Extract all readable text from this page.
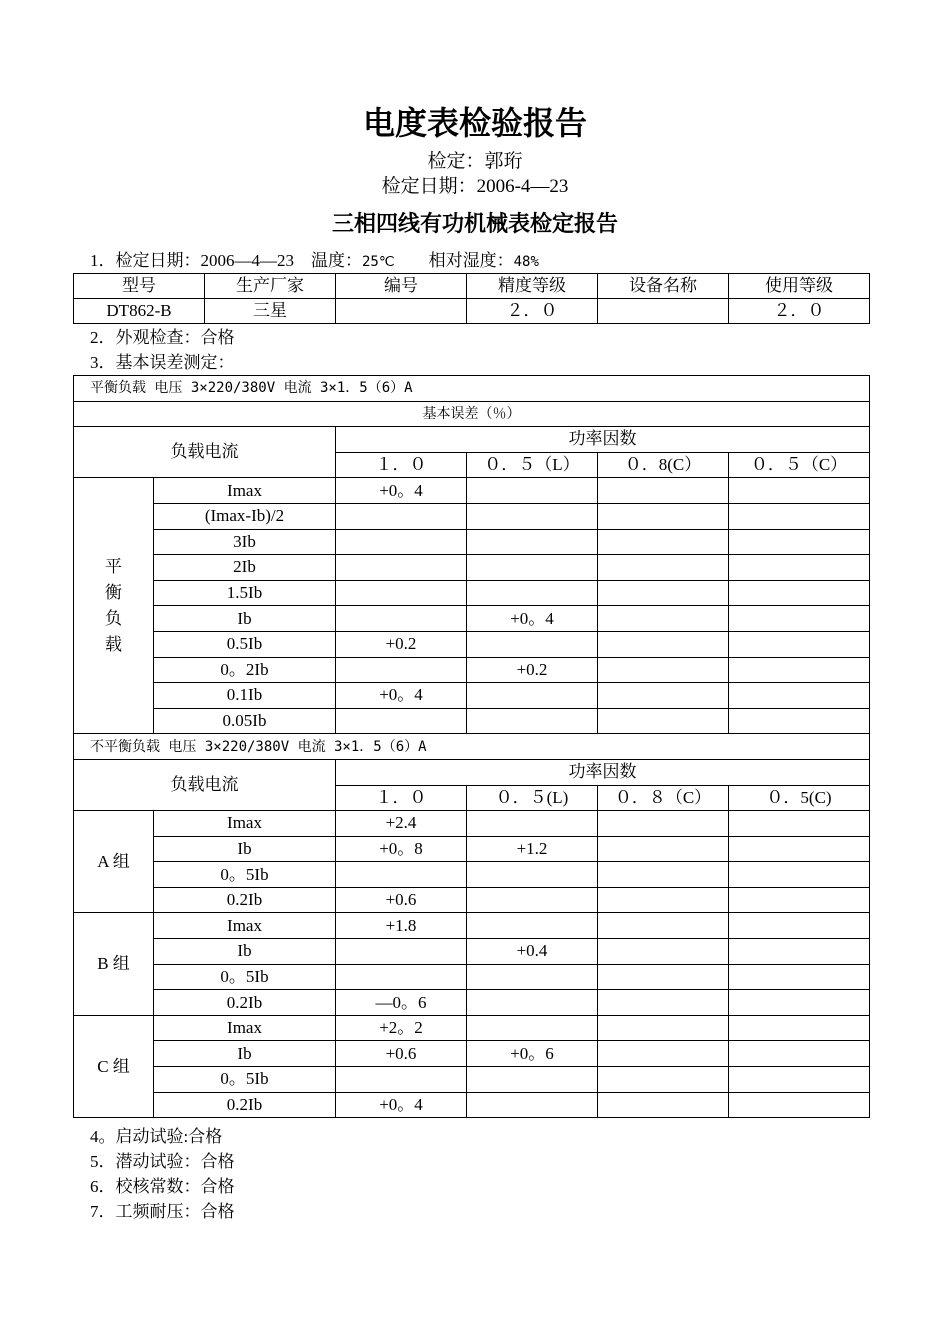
电度表检验报告
检定：郭珩
检定日期：2006-4—23
三相四线有功机械表检定报告
1．检定日期：2006—4—23 温度：25℃ 相对湿度：48%
型号	生产厂家	编号	精度等级	设备名称	使用等级
DT862-B	三星		２．０		２．０
2．外观检查：合格
3．基本误差测定：
平衡负载 电压 3×220/380V 电流 3×1．5（6）A					
基本误差（％）					
负载电流		功率因数			
		１．０	０．５（L）	０．8(C）	０．５（C）

平
衡
负
载	Imax	+0。4			
	(Imax-Ib)/2				
	3Ib				
	2Ib				
	1.5Ib				
	Ib		+0。4		
	0.5Ib	+0.2			
	0。2Ib		+0.2		
	0.1Ib	+0。4			
	0.05Ib				
不平衡负载 电压 3×220/380V 电流 3×1．5（6）A					
负载电流		功率因数			
		１．０	０．５(L)	０．８（C）	０．5(C)
A 组	Imax	+2.4			
	Ib	+0。8	+1.2		
	0。5Ib				
	0.2Ib	+0.6			
B 组	Imax	+1.8			
	Ib		+0.4		
	0。5Ib				
	0.2Ib	—0。6			
C 组	Imax	+2。2			
	Ib	+0.6	+0。6		
	0。5Ib				
	0.2Ib	+0。4			
4。启动试验:合格
5．潜动试验：合格
6．校核常数：合格
7．工频耐压：合格
